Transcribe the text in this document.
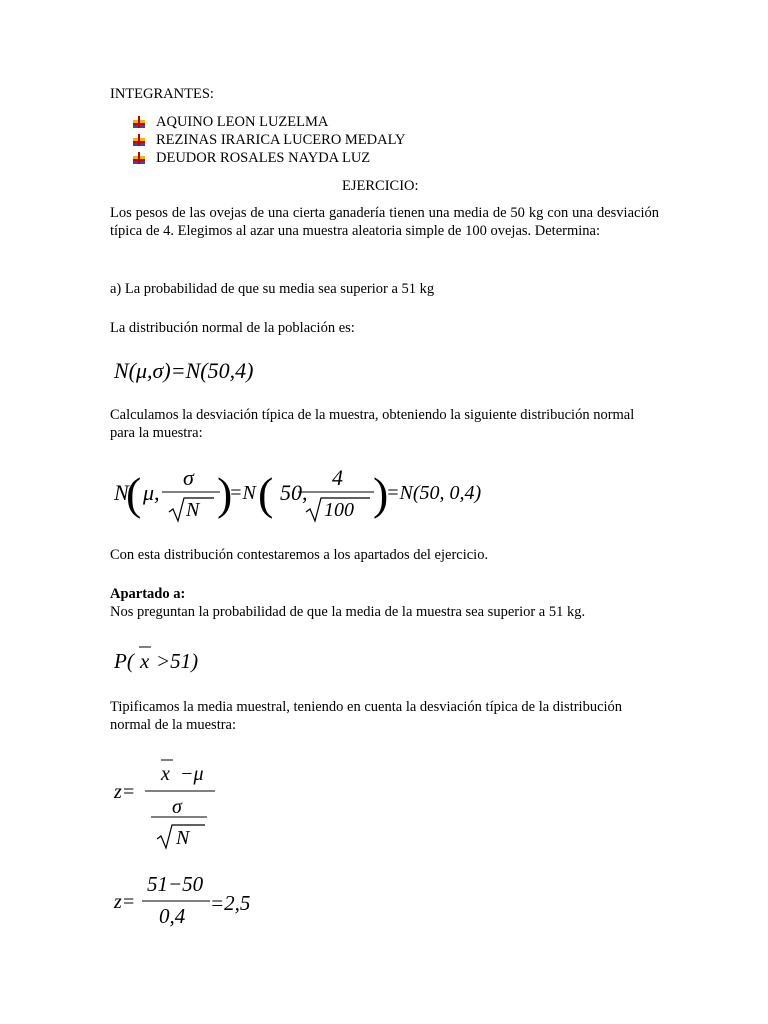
INTEGRANTES:
AQUINO LEON LUZELMA
REZINAS IRARICA LUCERO MEDALY
DEUDOR ROSALES NAYDA LUZ
EJERCICIO:
Los pesos de las ovejas de una cierta ganadería tienen una media de 50 kg con una desviación típica de 4. Elegimos al azar una muestra aleatoria simple de 100 ovejas. Determina:
a) La probabilidad de que su media sea superior a 51 kg
La distribución normal de la población es:
N(μ,σ)=N(50,4)
Calculamos la desviación típica de la muestra, obteniendo la siguiente distribución normal para la muestra:
N
( μ,
σ
N )
=N ( 50,
4
100 )
=N(50, 0,4)
Con esta distribución contestaremos a los apartados del ejercicio.
Apartado a:
Nos preguntan la probabilidad de que la media de la muestra sea superior a 51 kg.
P( x >51)
Tipificamos la media muestral, teniendo en cuenta la desviación típica de la distribución normal de la muestra:
z=
x −μ
σ
N
z=
51−50
0,4
=2,5
